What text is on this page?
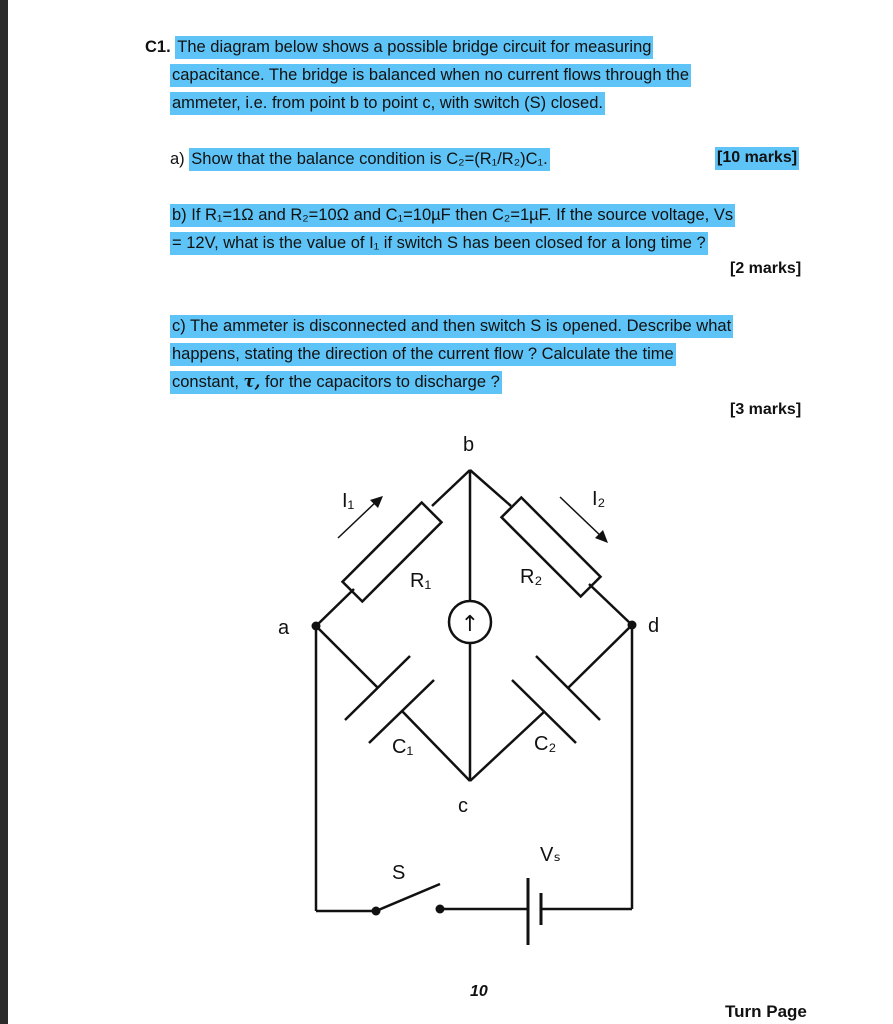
C1. The diagram below shows a possible bridge circuit for measuring
capacitance. The bridge is balanced when no current flows through the
ammeter, i.e. from point b to point c, with switch (S) closed.
a) Show that the balance condition is C₂=(R₁/R₂)C₁.	[10 marks]
b) If R₁=1Ω and R₂=10Ω and C₁=10µF then C₂=1µF. If the source voltage, Vs
= 12V, what is the value of I₁ if switch S has been closed for a long time ?
[2 marks]
c) The ammeter is disconnected and then switch S is opened. Describe what
happens, stating the direction of the current flow ? Calculate the time
constant, τ, for the capacitors to discharge ?
[3 marks]
↑
b
a	d
c
R₁	R₂
C₁	C₂
I₁	I₂
S
Vₛ
10
Turn Page
